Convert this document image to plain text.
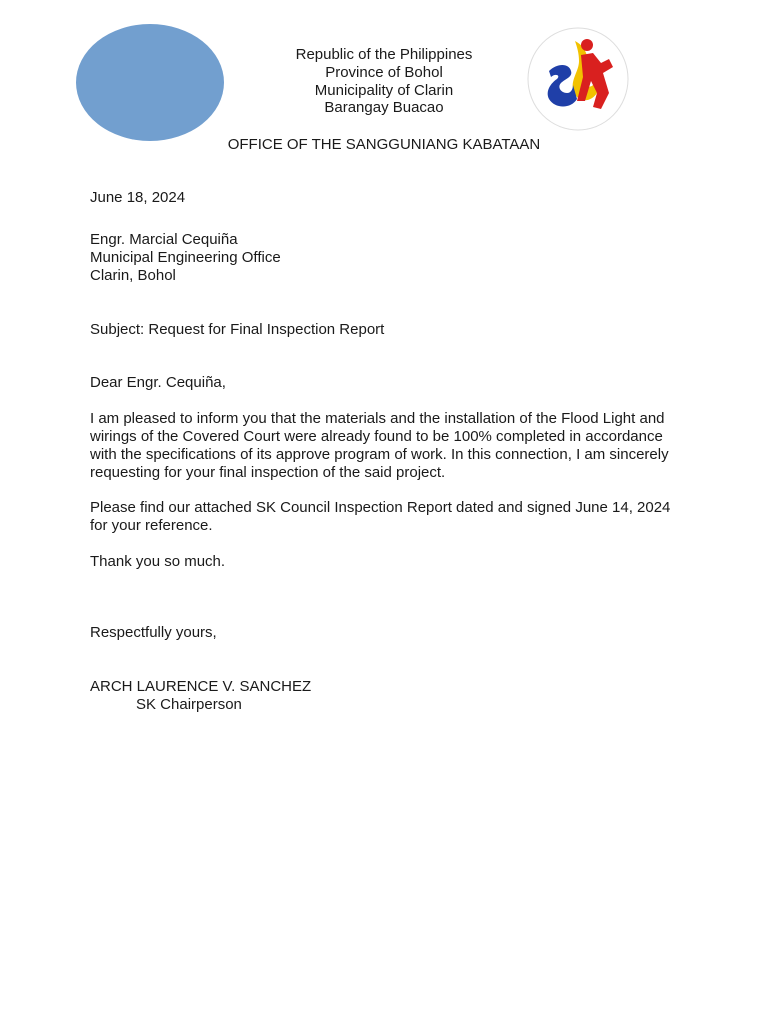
Republic of the Philippines
Province of Bohol
Municipality of Clarin
Barangay Buacao
OFFICE OF THE SANGGUNIANG KABATAAN
June 18, 2024
Engr. Marcial Cequiña
Municipal Engineering Office
Clarin, Bohol
Subject: Request for Final Inspection Report
Dear Engr. Cequiña,
I am pleased to inform you that the materials and the installation of the Flood Light and
wirings of the Covered Court were already found to be 100% completed in accordance
with the specifications of its approve program of work. In this connection, I am sincerely
requesting for your final inspection of the said project.
Please find our attached SK Council Inspection Report dated and signed June 14, 2024
for your reference.
Thank you so much.
Respectfully yours,
ARCH LAURENCE V. SANCHEZ
SK Chairperson
